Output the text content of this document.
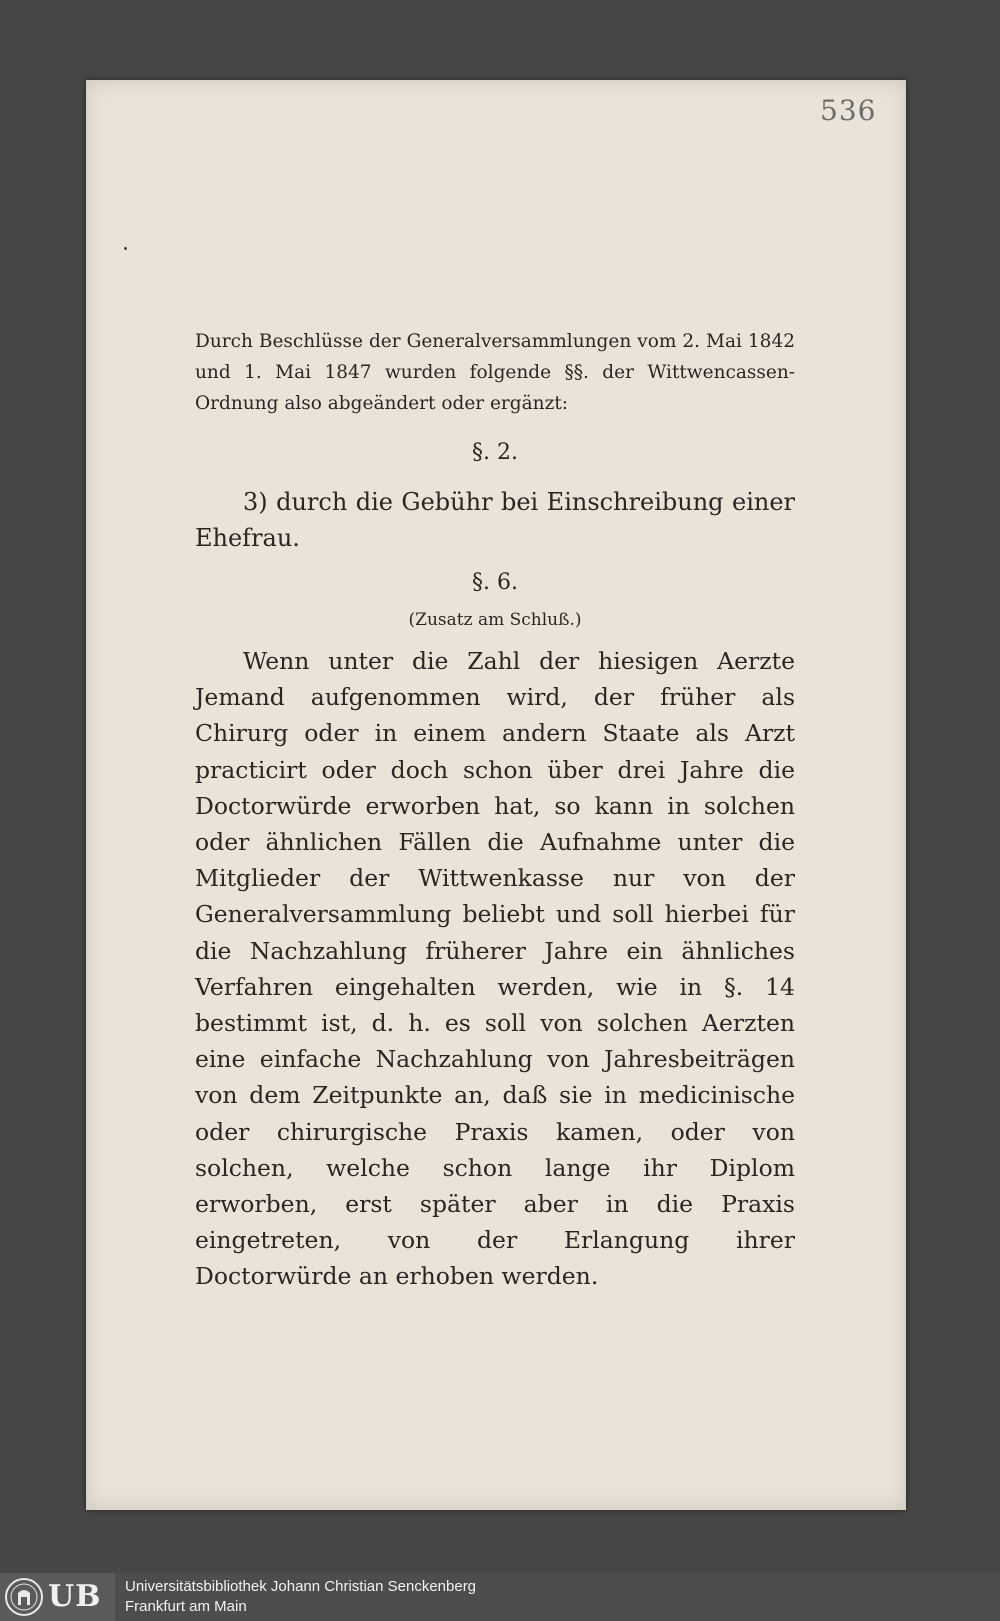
536
Durch Beschlüsse der Generalversammlungen vom 2. Mai 1842 und 1. Mai 1847 wurden folgende §§. der Wittwencassen-Ordnung also abgeändert oder ergänzt:
§. 2.
3) durch die Gebühr bei Einschreibung einer Ehefrau.
§. 6.
(Zusatz am Schluß.)
Wenn unter die Zahl der hiesigen Aerzte Jemand aufgenommen wird, der früher als Chirurg oder in einem andern Staate als Arzt practicirt oder doch schon über drei Jahre die Doctorwürde erworben hat, so kann in solchen oder ähnlichen Fällen die Aufnahme unter die Mitglieder der Wittwenkasse nur von der Generalversammlung beliebt und soll hierbei für die Nachzahlung früherer Jahre ein ähnliches Verfahren eingehalten werden, wie in §. 14 bestimmt ist, d. h. es soll von solchen Aerzten eine einfache Nachzahlung von Jahresbeiträgen von dem Zeitpunkte an, daß sie in medicinische oder chirurgische Praxis kamen, oder von solchen, welche schon lange ihr Diplom erworben, erst später aber in die Praxis eingetreten, von der Erlangung ihrer Doctorwürde an erhoben werden.
UB Universitätsbibliothek Johann Christian Senckenberg
Frankfurt am Main
